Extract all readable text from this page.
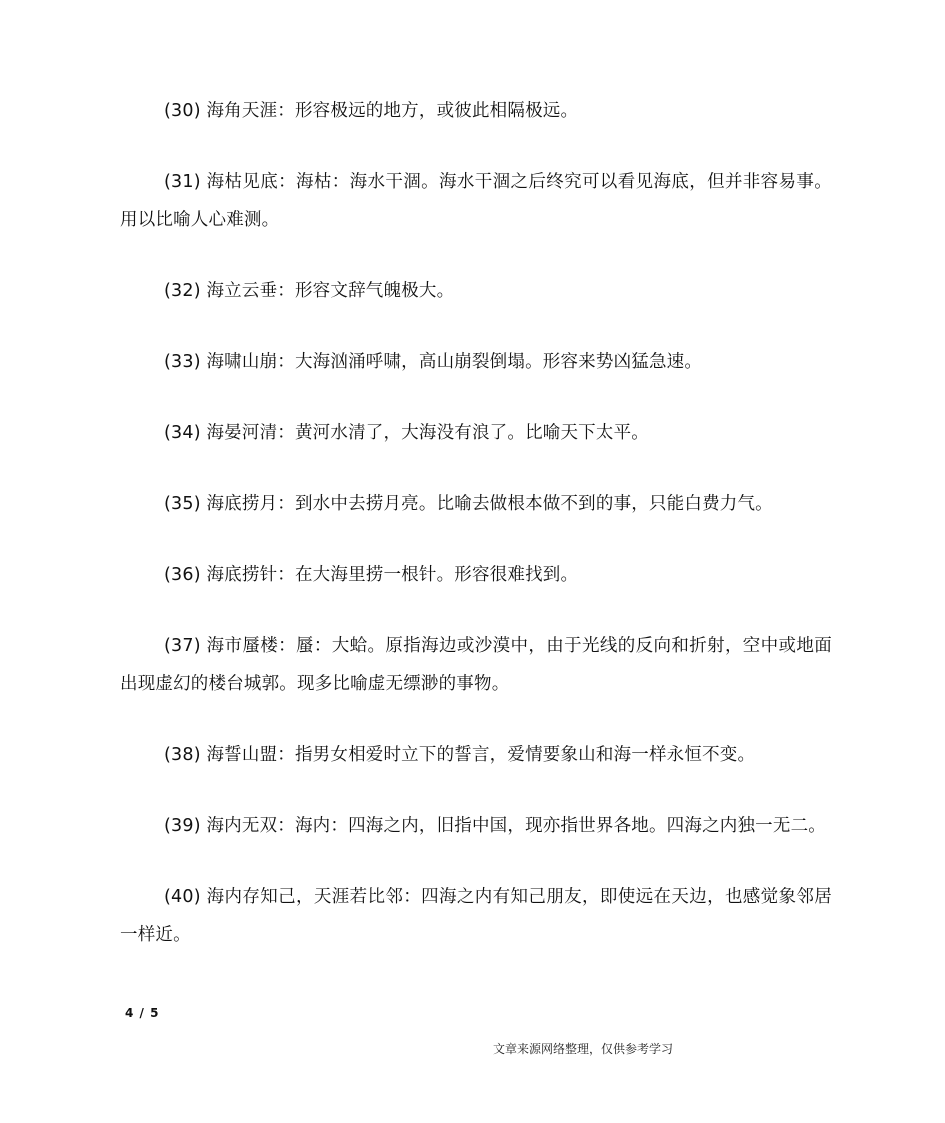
(30) 海角天涯：形容极远的地方，或彼此相隔极远。

(31) 海枯见底：海枯：海水干涸。海水干涸之后终究可以看见海底，但并非容易事。用以比喻人心难测。

(32) 海立云垂：形容文辞气魄极大。

(33) 海啸山崩：大海汹涌呼啸，高山崩裂倒塌。形容来势凶猛急速。

(34) 海晏河清：黄河水清了，大海没有浪了。比喻天下太平。

(35) 海底捞月：到水中去捞月亮。比喻去做根本做不到的事，只能白费力气。

(36) 海底捞针：在大海里捞一根针。形容很难找到。

(37) 海市蜃楼：蜃：大蛤。原指海边或沙漠中，由于光线的反向和折射，空中或地面出现虚幻的楼台城郭。现多比喻虚无缥渺的事物。

(38) 海誓山盟：指男女相爱时立下的誓言，爱情要象山和海一样永恒不变。

(39) 海内无双：海内：四海之内，旧指中国，现亦指世界各地。四海之内独一无二。

(40) 海内存知己，天涯若比邻：四海之内有知己朋友，即使远在天边，也感觉象邻居一样近。

4 / 5
文章来源网络整理，仅供参考学习
